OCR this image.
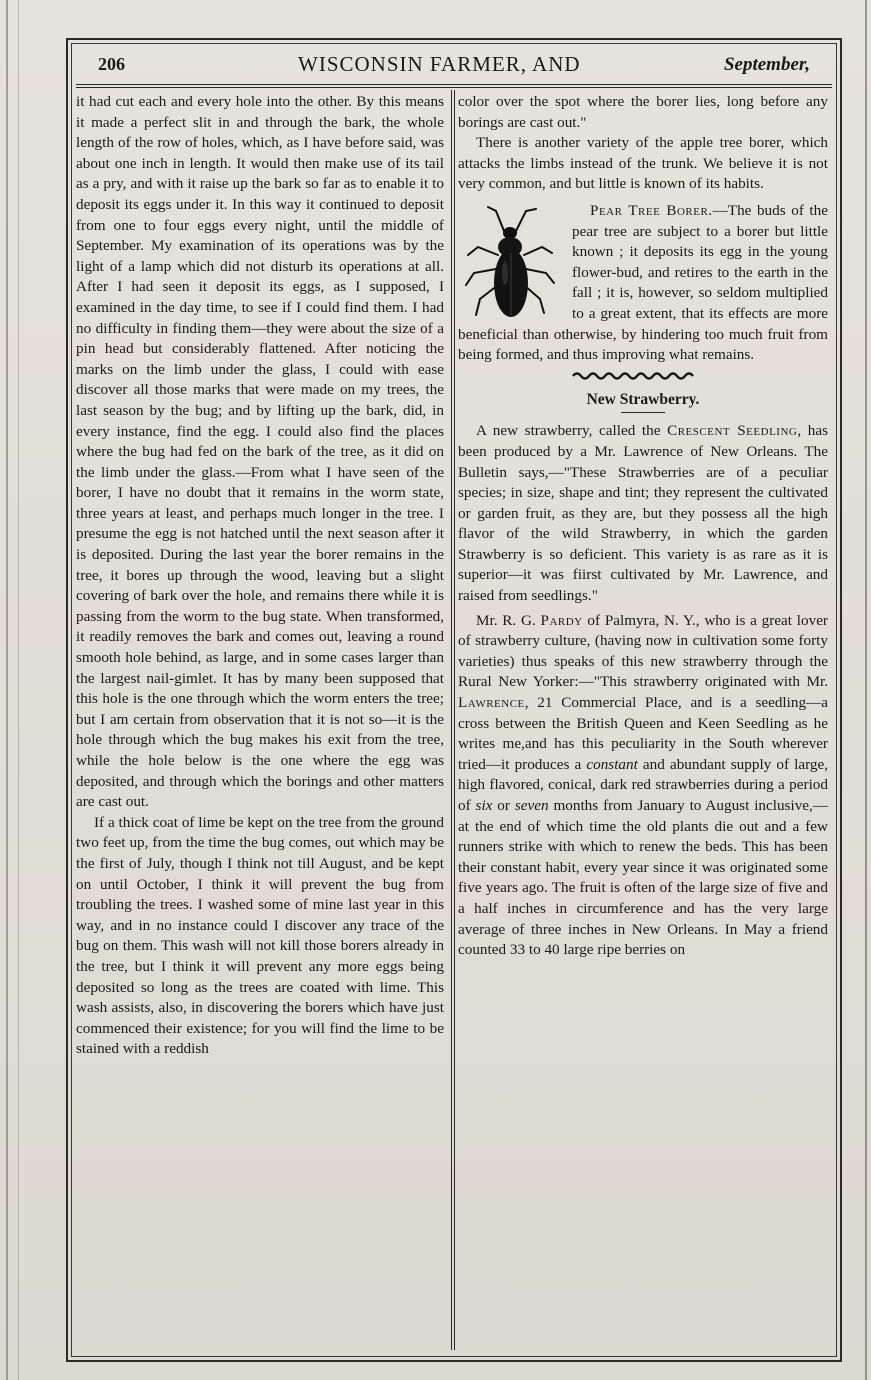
206	WISCONSIN FARMER, AND	September,

it had cut each and every hole into the other. By this means it made a perfect slit in and through the bark, the whole length of the row of holes, which, as I have before said, was about one inch in length. It would then make use of its tail as a pry, and with it raise up the bark so far as to enable it to deposit its eggs under it. In this way it continued to deposit from one to four eggs every night, until the middle of September. My examination of its operations was by the light of a lamp which did not disturb its operations at all. After I had seen it deposit its eggs, as I supposed, I examined in the day time, to see if I could find them. I had no difficulty in finding them—they were about the size of a pin head but considerably flattened. After noticing the marks on the limb under the glass, I could with ease discover all those marks that were made on my trees, the last season by the bug; and by lifting up the bark, did, in every instance, find the egg. I could also find the places where the bug had fed on the bark of the tree, as it did on the limb under the glass.—From what I have seen of the borer, I have no doubt that it remains in the worm state, three years at least, and perhaps much longer in the tree. I presume the egg is not hatched until the next season after it is deposited. During the last year the borer remains in the tree, it bores up through the wood, leaving but a slight covering of bark over the hole, and remains there while it is passing from the worm to the bug state. When transformed, it readily removes the bark and comes out, leaving a round smooth hole behind, as large, and in some cases larger than the largest nail-gimlet. It has by many been supposed that this hole is the one through which the worm enters the tree; but I am certain from observation that it is not so—it is the hole through which the bug makes his exit from the tree, while the hole below is the one where the egg was deposited, and through which the borings and other matters are cast out.

If a thick coat of lime be kept on the tree from the ground two feet up, from the time the bug comes, out which may be the first of July, though I think not till August, and be kept on until October, I think it will prevent the bug from troubling the trees. I washed some of mine last year in this way, and in no instance could I discover any trace of the bug on them. This wash will not kill those borers already in the tree, but I think it will prevent any more eggs being deposited so long as the trees are coated with lime. This wash assists, also, in discovering the borers which have just commenced their existence; for you will find the lime to be stained with a reddish

color over the spot where the borer lies, long before any borings are cast out."

There is another variety of the apple tree borer, which attacks the limbs instead of the trunk. We believe it is not very common, and but little is known of its habits.

Pear Tree Borer.—The buds of the pear tree are subject to a borer but little known ; it deposits its egg in the young flower-bud, and retires to the earth in the fall ; it is, however, so seldom multiplied to a great extent, that its effects are more beneficial than otherwise, by hindering too much fruit from being formed, and thus improving what remains.

New Strawberry.

A new strawberry, called the Crescent Seedling, has been produced by a Mr. Lawrence of New Orleans. The Bulletin says,—"These Strawberries are of a peculiar species; in size, shape and tint; they represent the cultivated or garden fruit, as they are, but they possess all the high flavor of the wild Strawberry, in which the garden Strawberry is so deficient. This variety is as rare as it is superior—it was fiirst cultivated by Mr. Lawrence, and raised from seedlings."

Mr. R. G. Pardy of Palmyra, N. Y., who is a great lover of strawberry culture, (having now in cultivation some forty varieties) thus speaks of this new strawberry through the Rural New Yorker:—"This strawberry originated with Mr. Lawrence, 21 Commercial Place, and is a seedling—a cross between the British Queen and Keen Seedling as he writes me,and has this peculiarity in the South wherever tried—it produces a constant and abundant supply of large, high flavored, conical, dark red strawberries during a period of six or seven months from January to August inclusive,—at the end of which time the old plants die out and a few runners strike with which to renew the beds. This has been their constant habit, every year since it was originated some five years ago. The fruit is often of the large size of five and a half inches in circumference and has the very large average of three inches in New Orleans. In May a friend counted 33 to 40 large ripe berries on
